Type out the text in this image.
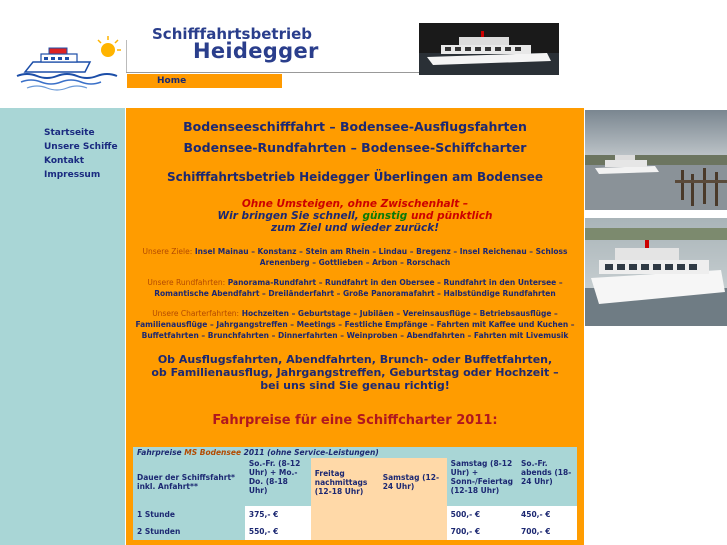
Schifffahrtsbetrieb
Heidegger
Home
Startseite
Unsere Schiffe
Kontakt
Impressum
Bodenseeschifffahrt – Bodensee-Ausflugsfahrten
Bodensee-Rundfahrten – Bodensee-Schiffcharter
Schifffahrtsbetrieb Heidegger Überlingen am Bodensee
Ohne Umsteigen, ohne Zwischenhalt –
Wir bringen Sie schnell, günstig und pünktlich
zum Ziel und wieder zurück!
Unsere Ziele: Insel Mainau – Konstanz – Stein am Rhein – Lindau – Bregenz – Insel Reichenau – Schloss
Arenenberg – Gottlieben – Arbon – Rorschach
Unsere Rundfahrten: Panorama-Rundfahrt – Rundfahrt in den Obersee – Rundfahrt in den Untersee –
Romantische Abendfahrt – Dreiländerfahrt – Große Panoramafahrt – Halbstündige Rundfahrten
Unsere Charterfahrten: Hochzeiten – Geburtstage – Jubiläen – Vereinsausflüge – Betriebsausflüge –
Familienausflüge – Jahrgangstreffen – Meetings – Festliche Empfänge – Fahrten mit Kaffee und Kuchen –
Buffetfahrten – Brunchfahrten – Dinnerfahrten – Weinproben – Abendfahrten – Fahrten mit Livemusik
Ob Ausflugsfahrten, Abendfahrten, Brunch- oder Buffetfahrten,
ob Familienausflug, Jahrgangstreffen, Geburtstag oder Hochzeit –
bei uns sind Sie genau richtig!
Fahrpreise für eine Schiffcharter 2011:
Fahrpreise MS Bodensee 2011 (ohne Service-Leistungen)					
Dauer der Schiffsfahrt* inkl. Anfahrt**	So.-Fr. (8-12 Uhr) + Mo.-Do. (8-18 Uhr)	Freitag nachmittags (12-18 Uhr)	Samstag (12-24 Uhr)	Samstag (8-12 Uhr) + Sonn-/Feiertag (12-18 Uhr)	So.-Fr. abends (18-24 Uhr)
1 Stunde	375,- €			500,- €	450,- €
2 Stunden	550,- €			700,- €	700,- €
